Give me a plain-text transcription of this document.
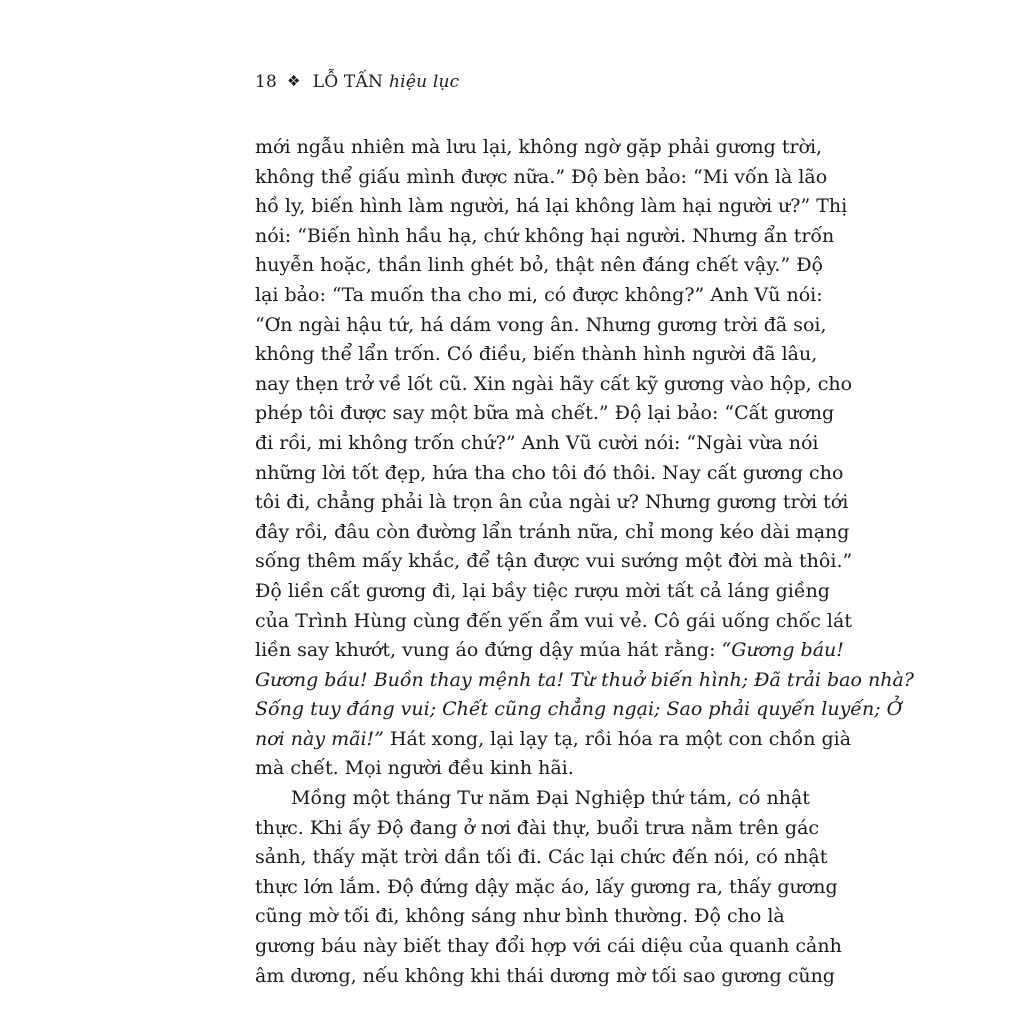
18 ❖ LỖ TẤN hiệu lục
mới ngẫu nhiên mà lưu lại, không ngờ gặp phải gương trời,
không thể giấu mình được nữa.” Độ bèn bảo: “Mi vốn là lão
hồ ly, biến hình làm người, há lại không làm hại người ư?” Thị
nói: “Biến hình hầu hạ, chứ không hại người. Nhưng ẩn trốn
huyễn hoặc, thần linh ghét bỏ, thật nên đáng chết vậy.” Độ
lại bảo: “Ta muốn tha cho mi, có được không?” Anh Vũ nói:
“Ơn ngài hậu tứ, há dám vong ân. Nhưng gương trời đã soi,
không thể lẩn trốn. Có điều, biến thành hình người đã lâu,
nay thẹn trở về lốt cũ. Xin ngài hãy cất kỹ gương vào hộp, cho
phép tôi được say một bữa mà chết.” Độ lại bảo: “Cất gương
đi rồi, mi không trốn chứ?” Anh Vũ cười nói: “Ngài vừa nói
những lời tốt đẹp, hứa tha cho tôi đó thôi. Nay cất gương cho
tôi đi, chẳng phải là trọn ân của ngài ư? Nhưng gương trời tới
đây rồi, đâu còn đường lẩn tránh nữa, chỉ mong kéo dài mạng
sống thêm mấy khắc, để tận được vui sướng một đời mà thôi.”
Độ liền cất gương đi, lại bầy tiệc rượu mời tất cả láng giềng
của Trình Hùng cùng đến yến ẩm vui vẻ. Cô gái uống chốc lát
liền say khướt, vung áo đứng dậy múa hát rằng: “Gương báu!
Gương báu! Buồn thay mệnh ta! Từ thuở biến hình; Đã trải bao nhà?
Sống tuy đáng vui; Chết cũng chẳng ngại; Sao phải quyến luyến; Ở
nơi này mãi!” Hát xong, lại lạy tạ, rồi hóa ra một con chồn già
mà chết. Mọi người đều kinh hãi.
Mồng một tháng Tư năm Đại Nghiệp thứ tám, có nhật
thực. Khi ấy Độ đang ở nơi đài thự, buổi trưa nằm trên gác
sảnh, thấy mặt trời dần tối đi. Các lại chức đến nói, có nhật
thực lớn lắm. Độ đứng dậy mặc áo, lấy gương ra, thấy gương
cũng mờ tối đi, không sáng như bình thường. Độ cho là
gương báu này biết thay đổi hợp với cái diệu của quanh cảnh
âm dương, nếu không khi thái dương mờ tối sao gương cũng
